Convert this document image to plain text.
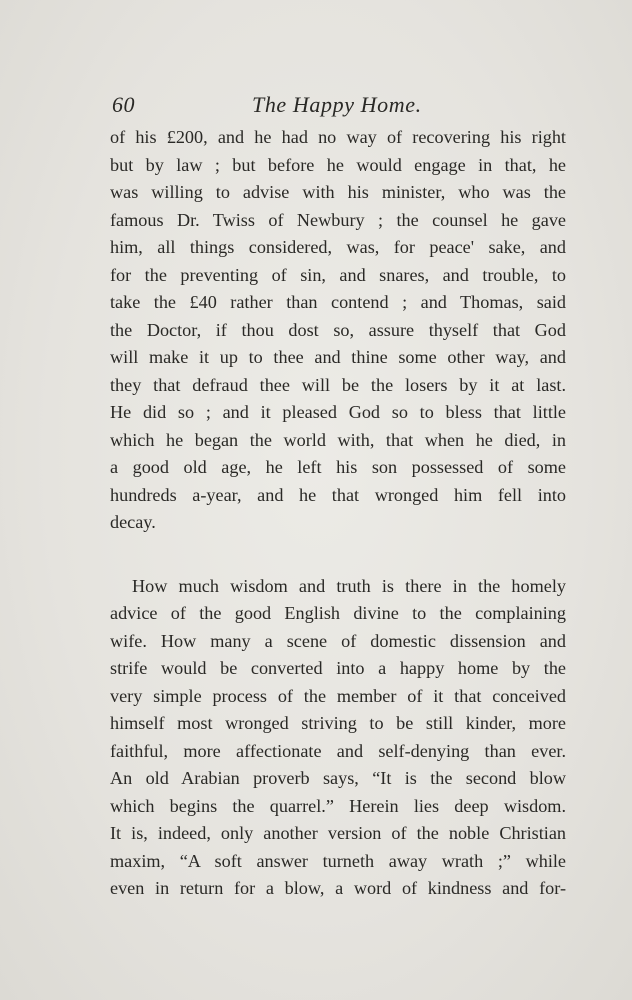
60	The Happy Home.
of his £200, and he had no way of recovering his right
but by law ; but before he would engage in that, he
was willing to advise with his minister, who was the
famous Dr. Twiss of Newbury ; the counsel he gave
him, all things considered, was, for peace' sake, and
for the preventing of sin, and snares, and trouble, to
take the £40 rather than contend ; and Thomas, said
the Doctor, if thou dost so, assure thyself that God
will make it up to thee and thine some other way, and
they that defraud thee will be the losers by it at last.
He did so ; and it pleased God so to bless that little
which he began the world with, that when he died, in
a good old age, he left his son possessed of some
hundreds a-year, and he that wronged him fell into
decay.
How much wisdom and truth is there in the homely
advice of the good English divine to the complaining
wife. How many a scene of domestic dissension and
strife would be converted into a happy home by the
very simple process of the member of it that conceived
himself most wronged striving to be still kinder, more
faithful, more affectionate and self-denying than ever.
An old Arabian proverb says, “It is the second blow
which begins the quarrel.” Herein lies deep wisdom.
It is, indeed, only another version of the noble Christian
maxim, “A soft answer turneth away wrath ;” while
even in return for a blow, a word of kindness and for-
